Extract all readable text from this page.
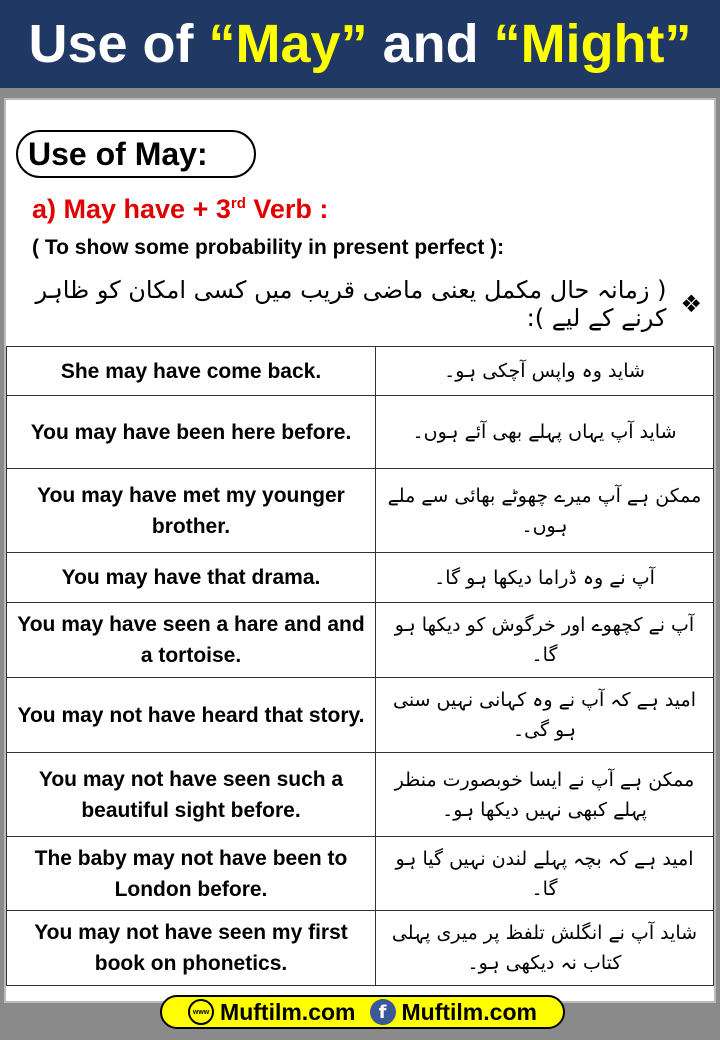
Use of
“May” and “Might”
Use of May:
a) May have + 3rd Verb :
( To show some probability in present perfect ):
❖
( زمانہ حال مکمل یعنی ماضی قریب میں کسی امکان کو ظاہر کرنے کے لیے ):
She may have come back.	شاید وہ واپس آچکی ہو۔
You may have been here before.	شاید آپ یہاں پہلے بھی آئے ہوں۔
You may have met my younger brother.	ممکن ہے آپ میرے چھوٹے بھائی سے ملے ہوں۔
You may have that drama.	آپ نے وہ ڈراما دیکھا ہو گا۔
You may have seen a hare and and a tortoise.	آپ نے کچھوے اور خرگوش کو دیکھا ہو گا۔
You may not have heard that story.	امید ہے کہ آپ نے وہ کہانی نہیں سنی ہو گی۔
You may not have seen such a beautiful sight before.	ممکن ہے آپ نے ایسا خوبصورت منظر پہلے کبھی نہیں دیکھا ہو۔
The baby may not have been to London before.	امید ہے کہ بچہ پہلے لندن نہیں گیا ہو گا۔
You may not have seen my first book on phonetics.	شاید آپ نے انگلش تلفظ پر میری پہلی کتاب نہ دیکھی ہو۔
www Muftilm.com	f Muftilm.com
